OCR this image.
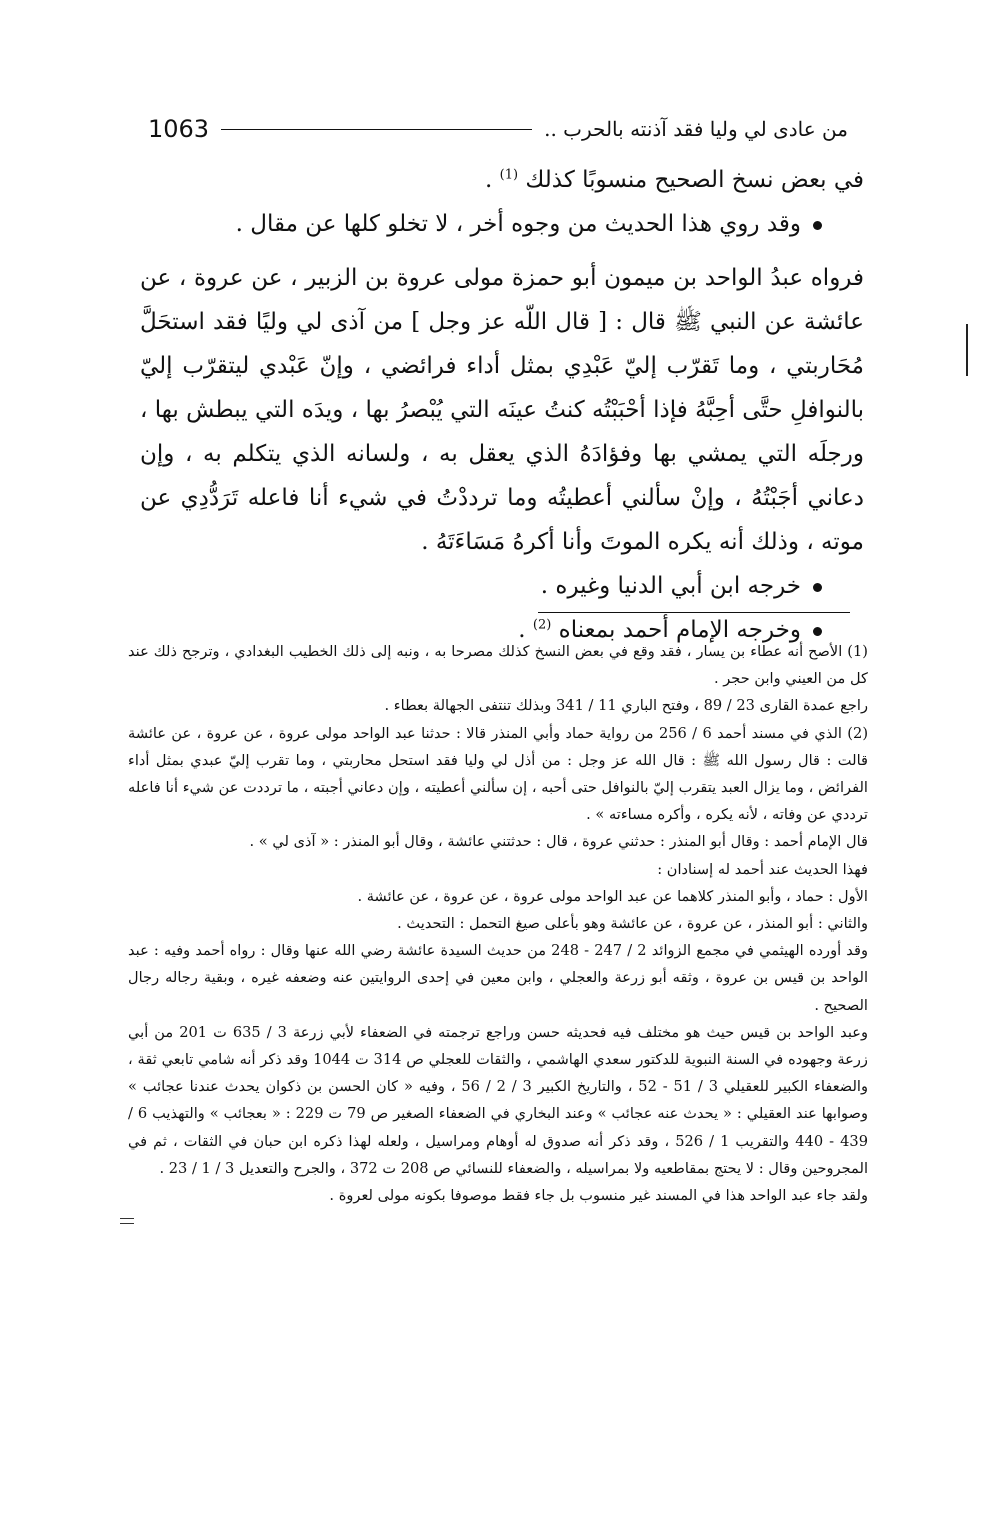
من عادى لي وليا فقد آذنته بالحرب ..
1063

في بعض نسخ الصحيح منسوبًا كذلك $^{(1)}$ .

وقد روي هذا الحديث من وجوه أخر ، لا تخلو كلها عن مقال .

فرواه عبدُ الواحد بن ميمون أبو حمزة مولى عروة بن الزبير ، عن عروة ، عن عائشة عن النبي ﷺ قال : [ قال اللّه عز وجل ] من آذى لي وليًا فقد استحَلَّ مُحَاربتي ، وما تَقرّب إليّ عَبْدِي بمثل أداء فرائضي ، وإنّ عَبْدي ليتقرّب إليّ بالنوافلِ حتَّى أحِبَّهُ فإذا أحْبَبْتُه كنتُ عينَه التي يُبْصرُ بها ، ويدَه التي يبطش بها ، ورجلَه التي يمشي بها وفؤادَهُ الذي يعقل به ، ولسانه الذي يتكلم به ، وإن دعاني أجَبْتُهُ ، وإنْ سألني أعطيتُه وما ترددْتُ في شيء أنا فاعله تَرَدُّدِي عن موته ، وذلك أنه يكره الموتَ وأنا أكرهُ مَسَاءَتَهُ .

خرجه ابن أبي الدنيا وغيره .

وخرجه الإمام أحمد بمعناه $^{(2)}$ .

(1) الأصح أنه عطاء بن يسار ، فقد وقع في بعض النسخ كذلك مصرحا به ، ونبه إلى ذلك الخطيب البغدادي ، وترجح ذلك عند كل من العيني وابن حجر .

راجع عمدة القارى 23 / 89 ، وفتح الباري 11 / 341 وبذلك تنتفى الجهالة بعطاء .

(2) الذي في مسند أحمد 6 / 256 من رواية حماد وأبي المنذر قالا : حدثنا عبد الواحد مولى عروة ، عن عروة ، عن عائشة قالت : قال رسول الله ﷺ : قال الله عز وجل : من أذل لي وليا فقد استحل محاربتي ، وما تقرب إليّ عبدي بمثل أداء الفرائض ، وما يزال العبد يتقرب إليّ بالنوافل حتى أحبه ، إن سألني أعطيته ، وإن دعاني أجبته ، ما ترددت عن شيء أنا فاعله ترددي عن وفاته ، لأنه يكره ، وأكره مساءته » .

قال الإمام أحمد : وقال أبو المنذر : حدثني عروة ، قال : حدثتني عائشة ، وقال أبو المنذر : « آذى لي » .

فهذا الحديث عند أحمد له إسنادان :

الأول : حماد ، وأبو المنذر كلاهما عن عبد الواحد مولى عروة ، عن عروة ، عن عائشة .

والثاني : أبو المنذر ، عن عروة ، عن عائشة وهو بأعلى صيغ التحمل : التحديث .

وقد أورده الهيثمي في مجمع الزوائد 2 / 247 - 248 من حديث السيدة عائشة رضي الله عنها وقال : رواه أحمد وفيه : عبد الواحد بن قيس بن عروة ، وثقه أبو زرعة والعجلي ، وابن معين في إحدى الروايتين عنه وضعفه غيره ، وبقية رجاله رجال الصحيح .

وعبد الواحد بن قيس حيث هو مختلف فيه فحديثه حسن وراجع ترجمته في الضعفاء لأبي زرعة 3 / 635 ت 201 من أبي زرعة وجهوده في السنة النبوية للدكتور سعدي الهاشمي ، والثقات للعجلي ص 314 ت 1044 وقد ذكر أنه شامي تابعي ثقة ، والضعفاء الكبير للعقيلي 3 / 51 - 52 ، والتاريخ الكبير 3 / 2 / 56 ، وفيه « كان الحسن بن ذكوان يحدث عندنا عجائب » وصوابها عند العقيلي : « يحدث عنه عجائب » وعند البخاري في الضعفاء الصغير ص 79 ت 229 : « بعجائب » والتهذيب 6 / 439 - 440 والتقريب 1 / 526 ، وقد ذكر أنه صدوق له أوهام ومراسيل ، ولعله لهذا ذكره ابن حبان في الثقات ، ثم في المجروحين وقال : لا يحتج بمقاطعيه ولا بمراسيله ، والضعفاء للنسائي ص 208 ت 372 ، والجرح والتعديل 3 / 1 / 23 .

ولقد جاء عبد الواحد هذا في المسند غير منسوب بل جاء فقط موصوفا بكونه مولى لعروة .
